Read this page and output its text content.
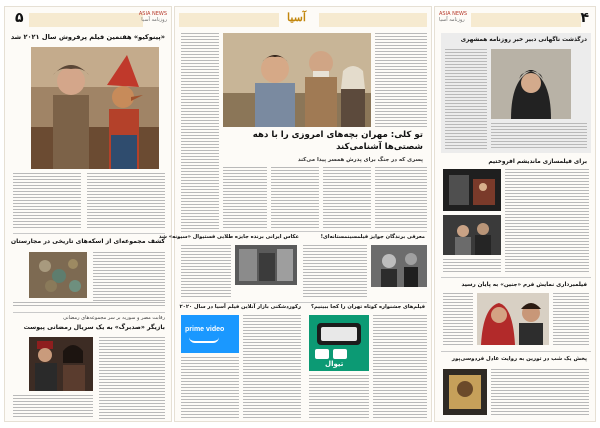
۵	ASIA NEWS
روزنامه آسیا
«پینوکیو» هفتمین فیلم پرفروش سال ۲۰۲۱ شد
کشف مجموعه‌ای از اسکه‌های تاریخی در مجارستان
رقابت مصر و سوریه بر سر مجموعه‌های رمضانی
بازیگر «صد‌برگ» به یک سریال رمضانی پیوست
آسیا
تو کلی: مهران بچه‌های امروزی را با دهه
شصتی‌ها آشنامی‌کند
پسری که در جنگ برای پدرش همسر پیدا می‌کند
عکاس ایرانی برنده جایزه طلایی فستیوال «سیونه» شد	معرفی برندگان جوایز فیلمسینمستانه‌ای!
رکوردشکنی بازار آنلاین فیلم آسیا در سال ۲۰۲۰
prime video
فیلم‌های جشنواره کوتاه تهران را کجا ببینیم؟
تیوال
ASIA NEWS
روزنامه آسیا	۴
درگذشت ناگهانی دبیر خبر روزنامه همشهری
برای فیلمسازی ماندیشم افروختیم
فیلمبرداری نمایش فرم «جنین» به پایان رسید
پخش یک شب در تورین به روایت عادل فردوسی‌پور
